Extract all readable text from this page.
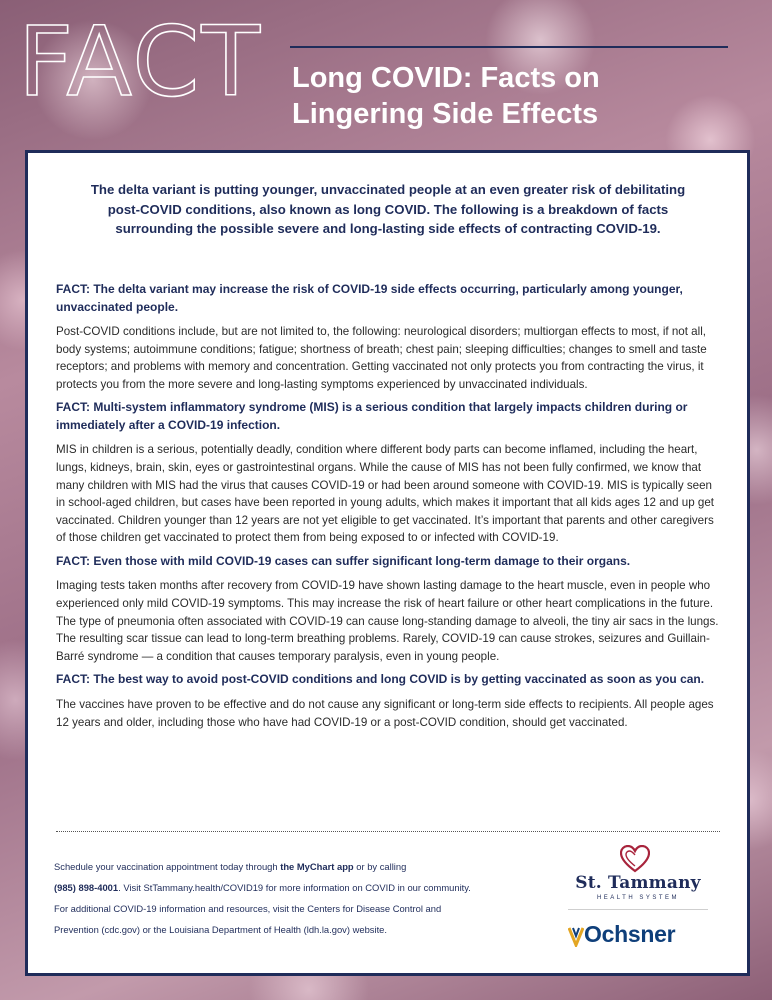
FACT Long COVID: Facts on
Lingering Side Effects

The delta variant is putting younger, unvaccinated people at an even greater risk of debilitating post-COVID conditions, also known as long COVID. The following is a breakdown of facts surrounding the possible severe and long-lasting side effects of contracting COVID-19.

FACT: The delta variant may increase the risk of COVID-19 side effects occurring, particularly among younger, unvaccinated people.

Post-COVID conditions include, but are not limited to, the following: neurological disorders; multiorgan effects to most, if not all, body systems; autoimmune conditions; fatigue; shortness of breath; chest pain; sleeping difficulties; changes to smell and taste receptors; and problems with memory and concentration. Getting vaccinated not only protects you from contracting the virus, it protects you from the more severe and long-lasting symptoms experienced by unvaccinated individuals.

FACT: Multi-system inflammatory syndrome (MIS) is a serious condition that largely impacts children during or immediately after a COVID-19 infection.

MIS in children is a serious, potentially deadly, condition where different body parts can become inflamed, including the heart, lungs, kidneys, brain, skin, eyes or gastrointestinal organs. While the cause of MIS has not been fully confirmed, we know that many children with MIS had the virus that causes COVID-19 or had been around someone with COVID-19. MIS is typically seen in school-aged children, but cases have been reported in young adults, which makes it important that all kids ages 12 and up get vaccinated. Children younger than 12 years are not yet eligible to get vaccinated. It’s important that parents and other caregivers of those children get vaccinated to protect them from being exposed to or infected with COVID-19.

FACT: Even those with mild COVID-19 cases can suffer significant long-term damage to their organs.

Imaging tests taken months after recovery from COVID-19 have shown lasting damage to the heart muscle, even in people who experienced only mild COVID-19 symptoms. This may increase the risk of heart failure or other heart complications in the future. The type of pneumonia often associated with COVID-19 can cause long-standing damage to alveoli, the tiny air sacs in the lungs. The resulting scar tissue can lead to long-term breathing problems. Rarely, COVID-19 can cause strokes, seizures and Guillain-Barré syndrome — a condition that causes temporary paralysis, even in young people.

FACT: The best way to avoid post-COVID conditions and long COVID is by getting vaccinated as soon as you can.

The vaccines have proven to be effective and do not cause any significant or long-term side effects to recipients. All people ages 12 years and older, including those who have had COVID-19 or a post-COVID condition, should get vaccinated.

Schedule your vaccination appointment today through the MyChart app or by calling
(985) 898-4001. Visit StTammany.health/COVID19 for more information on COVID in our community.
For additional COVID-19 information and resources, visit the Centers for Disease Control and
Prevention (cdc.gov) or the Louisiana Department of Health (ldh.la.gov) website.
St. Tammany
HEALTH SYSTEM
Ochsner
